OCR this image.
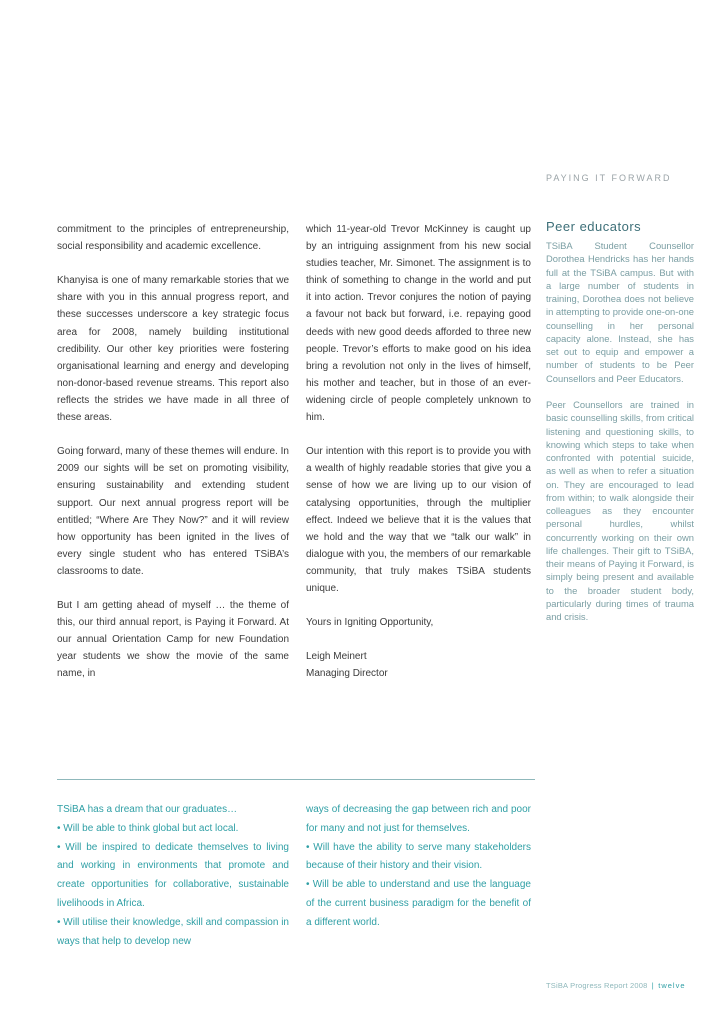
PAYING IT FORWARD

commitment to the principles of entrepreneurship, social responsibility and academic excellence.

Khanyisa is one of many remarkable stories that we share with you in this annual progress report, and these successes underscore a key strategic focus area for 2008, namely building institutional credibility. Our other key priorities were fostering organisational learning and energy and developing non-donor-based revenue streams. This report also reflects the strides we have made in all three of these areas.

Going forward, many of these themes will endure. In 2009 our sights will be set on promoting visibility, ensuring sustainability and extending student support. Our next annual progress report will be entitled; “Where Are They Now?” and it will review how opportunity has been ignited in the lives of every single student who has entered TSiBA’s classrooms to date.

But I am getting ahead of myself … the theme of this, our third annual report, is Paying it Forward. At our annual Orientation Camp for new Foundation year students we show the movie of the same name, in

which 11-year-old Trevor McKinney is caught up by an intriguing assignment from his new social studies teacher, Mr. Simonet. The assignment is to think of something to change in the world and put it into action. Trevor conjures the notion of paying a favour not back but forward, i.e. repaying good deeds with new good deeds afforded to three new people. Trevor’s efforts to make good on his idea bring a revolution not only in the lives of himself, his mother and teacher, but in those of an ever-widening circle of people completely unknown to him.

Our intention with this report is to provide you with a wealth of highly readable stories that give you a sense of how we are living up to our vision of catalysing opportunities, through the multiplier effect. Indeed we believe that it is the values that we hold and the way that we “talk our walk” in dialogue with you, the members of our remarkable community, that truly makes TSiBA students unique.

Yours in Igniting Opportunity,

Leigh Meinert
Managing Director
Peer educators

TSiBA Student Counsellor Dorothea Hendricks has her hands full at the TSiBA campus. But with a large number of students in training, Dorothea does not believe in attempting to provide one-on-one counselling in her personal capacity alone. Instead, she has set out to equip and empower a number of students to be Peer Counsellors and Peer Educators.

Peer Counsellors are trained in basic counselling skills, from critical listening and questioning skills, to knowing which steps to take when confronted with potential suicide, as well as when to refer a situation on. They are encouraged to lead from within; to walk alongside their colleagues as they encounter personal hurdles, whilst concurrently working on their own life challenges. Their gift to TSiBA, their means of Paying it Forward, is simply being present and available to the broader student body, particularly during times of trauma and crisis.

TSiBA has a dream that our graduates…
• Will be able to think global but act local.
• Will be inspired to dedicate themselves to living and working in environments that promote and create opportunities for collaborative, sustainable livelihoods in Africa.
• Will utilise their knowledge, skill and compassion in ways that help to develop new
ways of decreasing the gap between rich and poor for many and not just for themselves.
• Will have the ability to serve many stakeholders because of their history and their vision.
• Will be able to understand and use the language of the current business paradigm for the benefit of a different world.
TSiBA Progress Report 2008 | twelve
